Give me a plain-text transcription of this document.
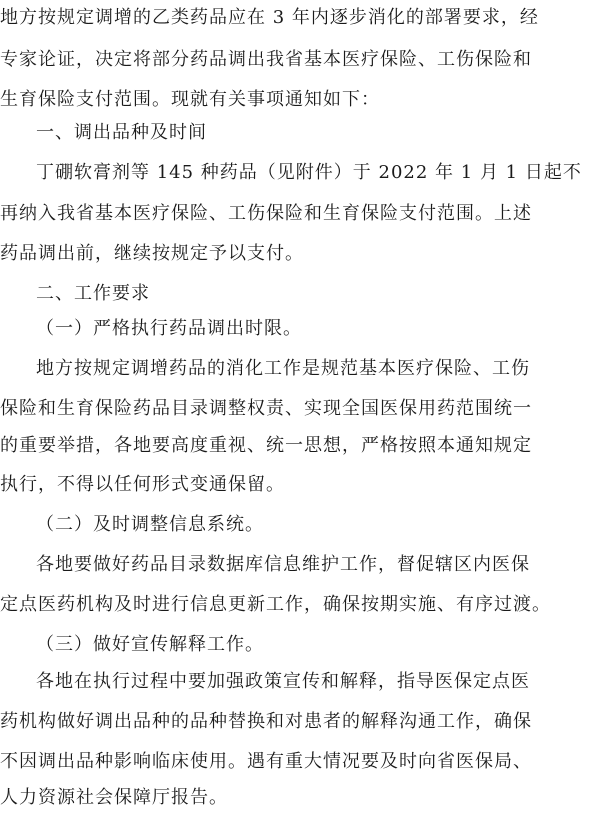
地方按规定调增的乙类药品应在 3 年内逐步消化的部署要求，经
专家论证，决定将部分药品调出我省基本医疗保险、工伤保险和
生育保险支付范围。现就有关事项通知如下：
一、调出品种及时间
丁硼软膏剂等 145 种药品（见附件）于 2022 年 1 月 1 日起不
再纳入我省基本医疗保险、工伤保险和生育保险支付范围。上述
药品调出前，继续按规定予以支付。
二、工作要求
（一）严格执行药品调出时限。
地方按规定调增药品的消化工作是规范基本医疗保险、工伤
保险和生育保险药品目录调整权责、实现全国医保用药范围统一
的重要举措，各地要高度重视、统一思想，严格按照本通知规定
执行，不得以任何形式变通保留。
（二）及时调整信息系统。
各地要做好药品目录数据库信息维护工作，督促辖区内医保
定点医药机构及时进行信息更新工作，确保按期实施、有序过渡。
（三）做好宣传解释工作。
各地在执行过程中要加强政策宣传和解释，指导医保定点医
药机构做好调出品种的品种替换和对患者的解释沟通工作，确保
不因调出品种影响临床使用。遇有重大情况要及时向省医保局、
人力资源社会保障厅报告。
